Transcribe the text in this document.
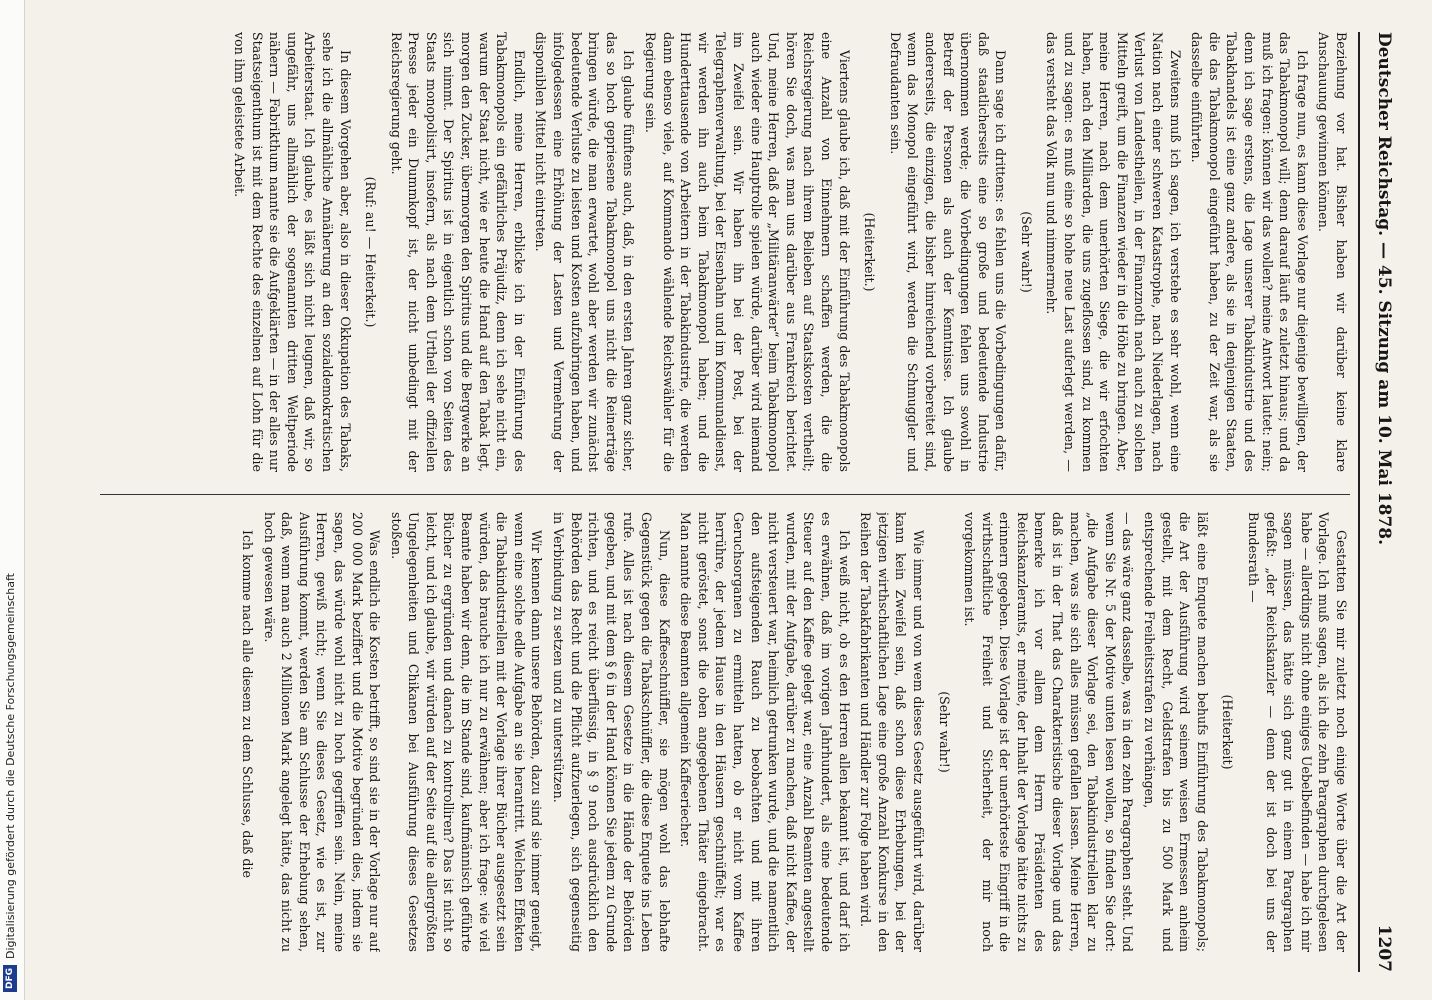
DFG
Digitalisierung gefördert durch die Deutsche Forschungsgemeinschaft
Deutscher Reichstag. — 45. Sitzung am 10. Mai 1878.
1207

Beziehung vor hat. Bisher haben wir darüber keine klare Anschauung gewinnen können.

Ich frage nun, es kann diese Vorlage nur diejenige bewilligen, der das Tabakmonopol will; denn darauf läuft es zuletzt hinaus; und da muß ich fragen: können wir das wollen? meine Antwort lautet: nein; denn ich sage erstens, die Lage unserer Tabakindustrie und des Tabakhandels ist eine ganz andere, als sie in denjenigen Staaten, die das Tabakmonopol eingeführt haben, zu der Zeit war, als sie dasselbe einführten.

Zweitens muß ich sagen, ich verstehe es sehr wohl, wenn eine Nation nach einer schweren Katastrophe, nach Niederlagen, nach Verlust von Landestheilen, in der Finanznoth nach auch zu solchen Mitteln greift, um die Finanzen wieder in die Höhe zu bringen. Aber, meine Herren, nach dem unerhörten Siege, die wir erfochten haben, nach den Milliarden, die uns zugeflossen sind, zu kommen und zu sagen: es muß eine so hohe neue Last auferlegt werden, — das versteht das Volk nun und nimmermehr.

(Sehr wahr!)

Dann sage ich drittens: es fehlen uns die Vorbedingungen dafür, daß staatlicherseits eine so große und bedeutende Industrie übernommen werde; die Vorbedingungen fehlen uns sowohl in Betreff der Personen als auch der Kenntnisse. Ich glaube andererseits, die einzigen, die bisher hinreichend vorbereitet sind, wenn das Monopol eingeführt wird, werden die Schmuggler und Defraudanten sein.

(Heiterkeit.)

Viertens glaube ich, daß mit der Einführung des Tabakmonopols eine Anzahl von Einnehmern schaffen werden, die die Reichsregierung nach ihrem Belieben auf Staatskosten vertheilt; hören Sie doch, was man uns darüber aus Frankreich berichtet. Und, meine Herren, daß der „Militäranwärter“ beim Tabakmonopol auch wieder eine Hauptrolle spielen würde, darüber wird niemand im Zweifel sein. Wir haben ihn bei der Post, bei der Telegraphenverwaltung, bei der Eisenbahn und im Kommunaldienst, wir werden ihn auch beim Tabakmonopol haben; und die Hunderttausende von Arbeitern in der Tabakindustrie, die werden dann ebenso viele, auf Kommando wählende Reichswähler für die Regierung sein.

Ich glaube fünftens auch, daß, in den ersten Jahren ganz sicher, das so hoch gepriesene Tabakmonopol uns nicht die Reinerträge bringen würde, die man erwartet, wohl aber werden wir zunächst bedeutende Verluste zu leisten und Kosten aufzubringen haben, und infolgedessen eine Erhöhung der Lasten und Vermehrung der disponiblen Mittel nicht eintreten.

Endlich, meine Herren, erblicke ich in der Einführung des Tabakmonopols ein gefährliches Präjudiz, denn ich sehe nicht ein, warum der Staat nicht, wie er heute die Hand auf den Tabak legt, morgen den Zucker, übermorgen den Spiritus und die Bergwerke an sich nimmt. Der Spiritus ist in eigentlich schon von Seiten des Staats monopolisirt, insofern, als nach dem Urtheil der offiziellen Presse jeder ein Dummkopf ist, der nicht unbedingt mit der Reichsregierung geht.

(Ruf: au! — Heiterkeit.)

In diesem Vorgehen aber, also in dieser Okkupation des Tabaks, sehe ich die allmähliche Annäherung an den sozialdemokratischen Arbeiterstaat. Ich glaube, es läßt sich nicht leugnen, daß wir, so ungefähr, uns allmählich der sogenannten dritten Weltperiode nähern — Fabrikthum nannte sie die Aufgeklärten — in der alles nur Staatseigenthum ist mit dem Rechte des einzelnen auf Lohn für die von ihm geleistete Arbeit.

Gestatten Sie mir zuletzt noch einige Worte über die Art der Vorlage. Ich muß sagen, als ich die zehn Paragraphen durchgelesen habe — allerdings nicht ohne einiges Uebelbefinden — habe ich mir sagen müssen, das hätte sich ganz gut in einem Paragraphen gefaßt: „der Reichskanzler — denn der ist doch bei uns der Bundesrath —

(Heiterkeit)

läßt eine Enquete machen behufs Einführung des Tabakmonopols; die Art der Ausführung wird seinem weisen Ermessen anheim gestellt, mit dem Recht, Geldstrafen bis zu 500 Mark und entsprechende Freiheitsstrafen zu verhängen,

— das wäre ganz dasselbe, was in den zehn Paragraphen steht. Und wenn Sie Nr. 5 der Motive unten lesen wollen, so finden Sie dort: „die Aufgabe dieser Vorlage sei, den Tabakindustriellen klar zu machen, was sie sich alles müssen gefallen lassen. Meine Herren, daß ist in der That das Charakteristische dieser Vorlage und das bemerke ich vor allem dem Herrn Präsidenten des Reichskanzleramts, er meinte, der Inhalt der Vorlage hätte nichts zu erinnern gegeben. Diese Vorlage ist der unerhörteste Eingriff in die wirthschaftliche Freiheit und Sicherheit, der mir noch vorgekommen ist.

(Sehr wahr!)

Wie immer und von wem dieses Gesetz ausgeführt wird, darüber kann kein Zweifel sein, daß schon diese Erhebungen, bei der jetzigen wirthschaftlichen Lage eine große Anzahl Konkurse in den Reihen der Tabakfabrikanten und Händler zur Folge haben wird.

Ich weiß nicht, ob es den Herren allen bekannt ist, und darf ich es erwähnen, daß im vorigen Jahrhundert, als eine bedeutende Steuer auf den Kaffee gelegt war, eine Anzahl Beamten angestellt wurden, mit der Aufgabe, darüber zu machen, daß nicht Kaffee, der nicht versteuert war, heimlich getrunken wurde, und die namentlich den aufsteigenden Rauch zu beobachten und mit ihren Geruchsorganen zu ermitteln hatten, ob er nicht vom Kaffee herrühre, der jedem Hause in den Häusern geschnüffelt; war es nicht geröstet, sonst die oben angegebenen Thäter eingebracht. Man nannte diese Beamten allgemein Kaffeeriecher.

Nun, diese Kaffeeschnüffler, sie mögen wohl das lebhafte Gegenstück gegen die Tabakschnüffler, die diese Enquete ins Leben rufe. Alles ist nach diesem Gesetze in die Hände der Behörden gegeben, und mit dem § 6 in der Hand können Sie jedem zu Grunde richten, und es reicht überflüssig, in § 9 noch ausdrücklich den Behörden das Recht und die Pflicht aufzuerlegen, sich gegenseitig in Verbindung zu setzen und zu unterstützen.

Wir kennen dann unsere Behörden, dazu sind sie immer geneigt, wenn eine solche edle Aufgabe an sie herantritt. Welchen Effekten die Tabakindustriellen mit der Vorlage ihrer Bücher ausgesetzt sein würden, das brauche ich nur zu erwähnen; aber ich frage: wie viel Beamte haben wir denn, die im Stande sind, kaufmännisch geführte Bücher zu ergründen und danach zu kontrolliren? Das ist nicht so leicht, und ich glaube, wir würden auf der Seite auf die allergrößten Ungelegenheiten und Chikanen bei Ausführung dieses Gesetzes stoßen.

Was endlich die Kosten betrifft, so sind sie in der Vorlage nur auf 200 000 Mark beziffert und die Motive begründen dies, indem sie sagen, das würde wohl nicht zu hoch gegriffen sein. Nein, meine Herren, gewiß nicht; wenn Sie dieses Gesetz, wie es ist, zur Ausführung kommt, werden Sie am Schlusse der Erhebung sehen, daß, wenn man auch 2 Millionen Mark angelegt hätte, das nicht zu hoch gewesen wäre.

Ich komme nach alle diesem zu dem Schlusse, daß die
